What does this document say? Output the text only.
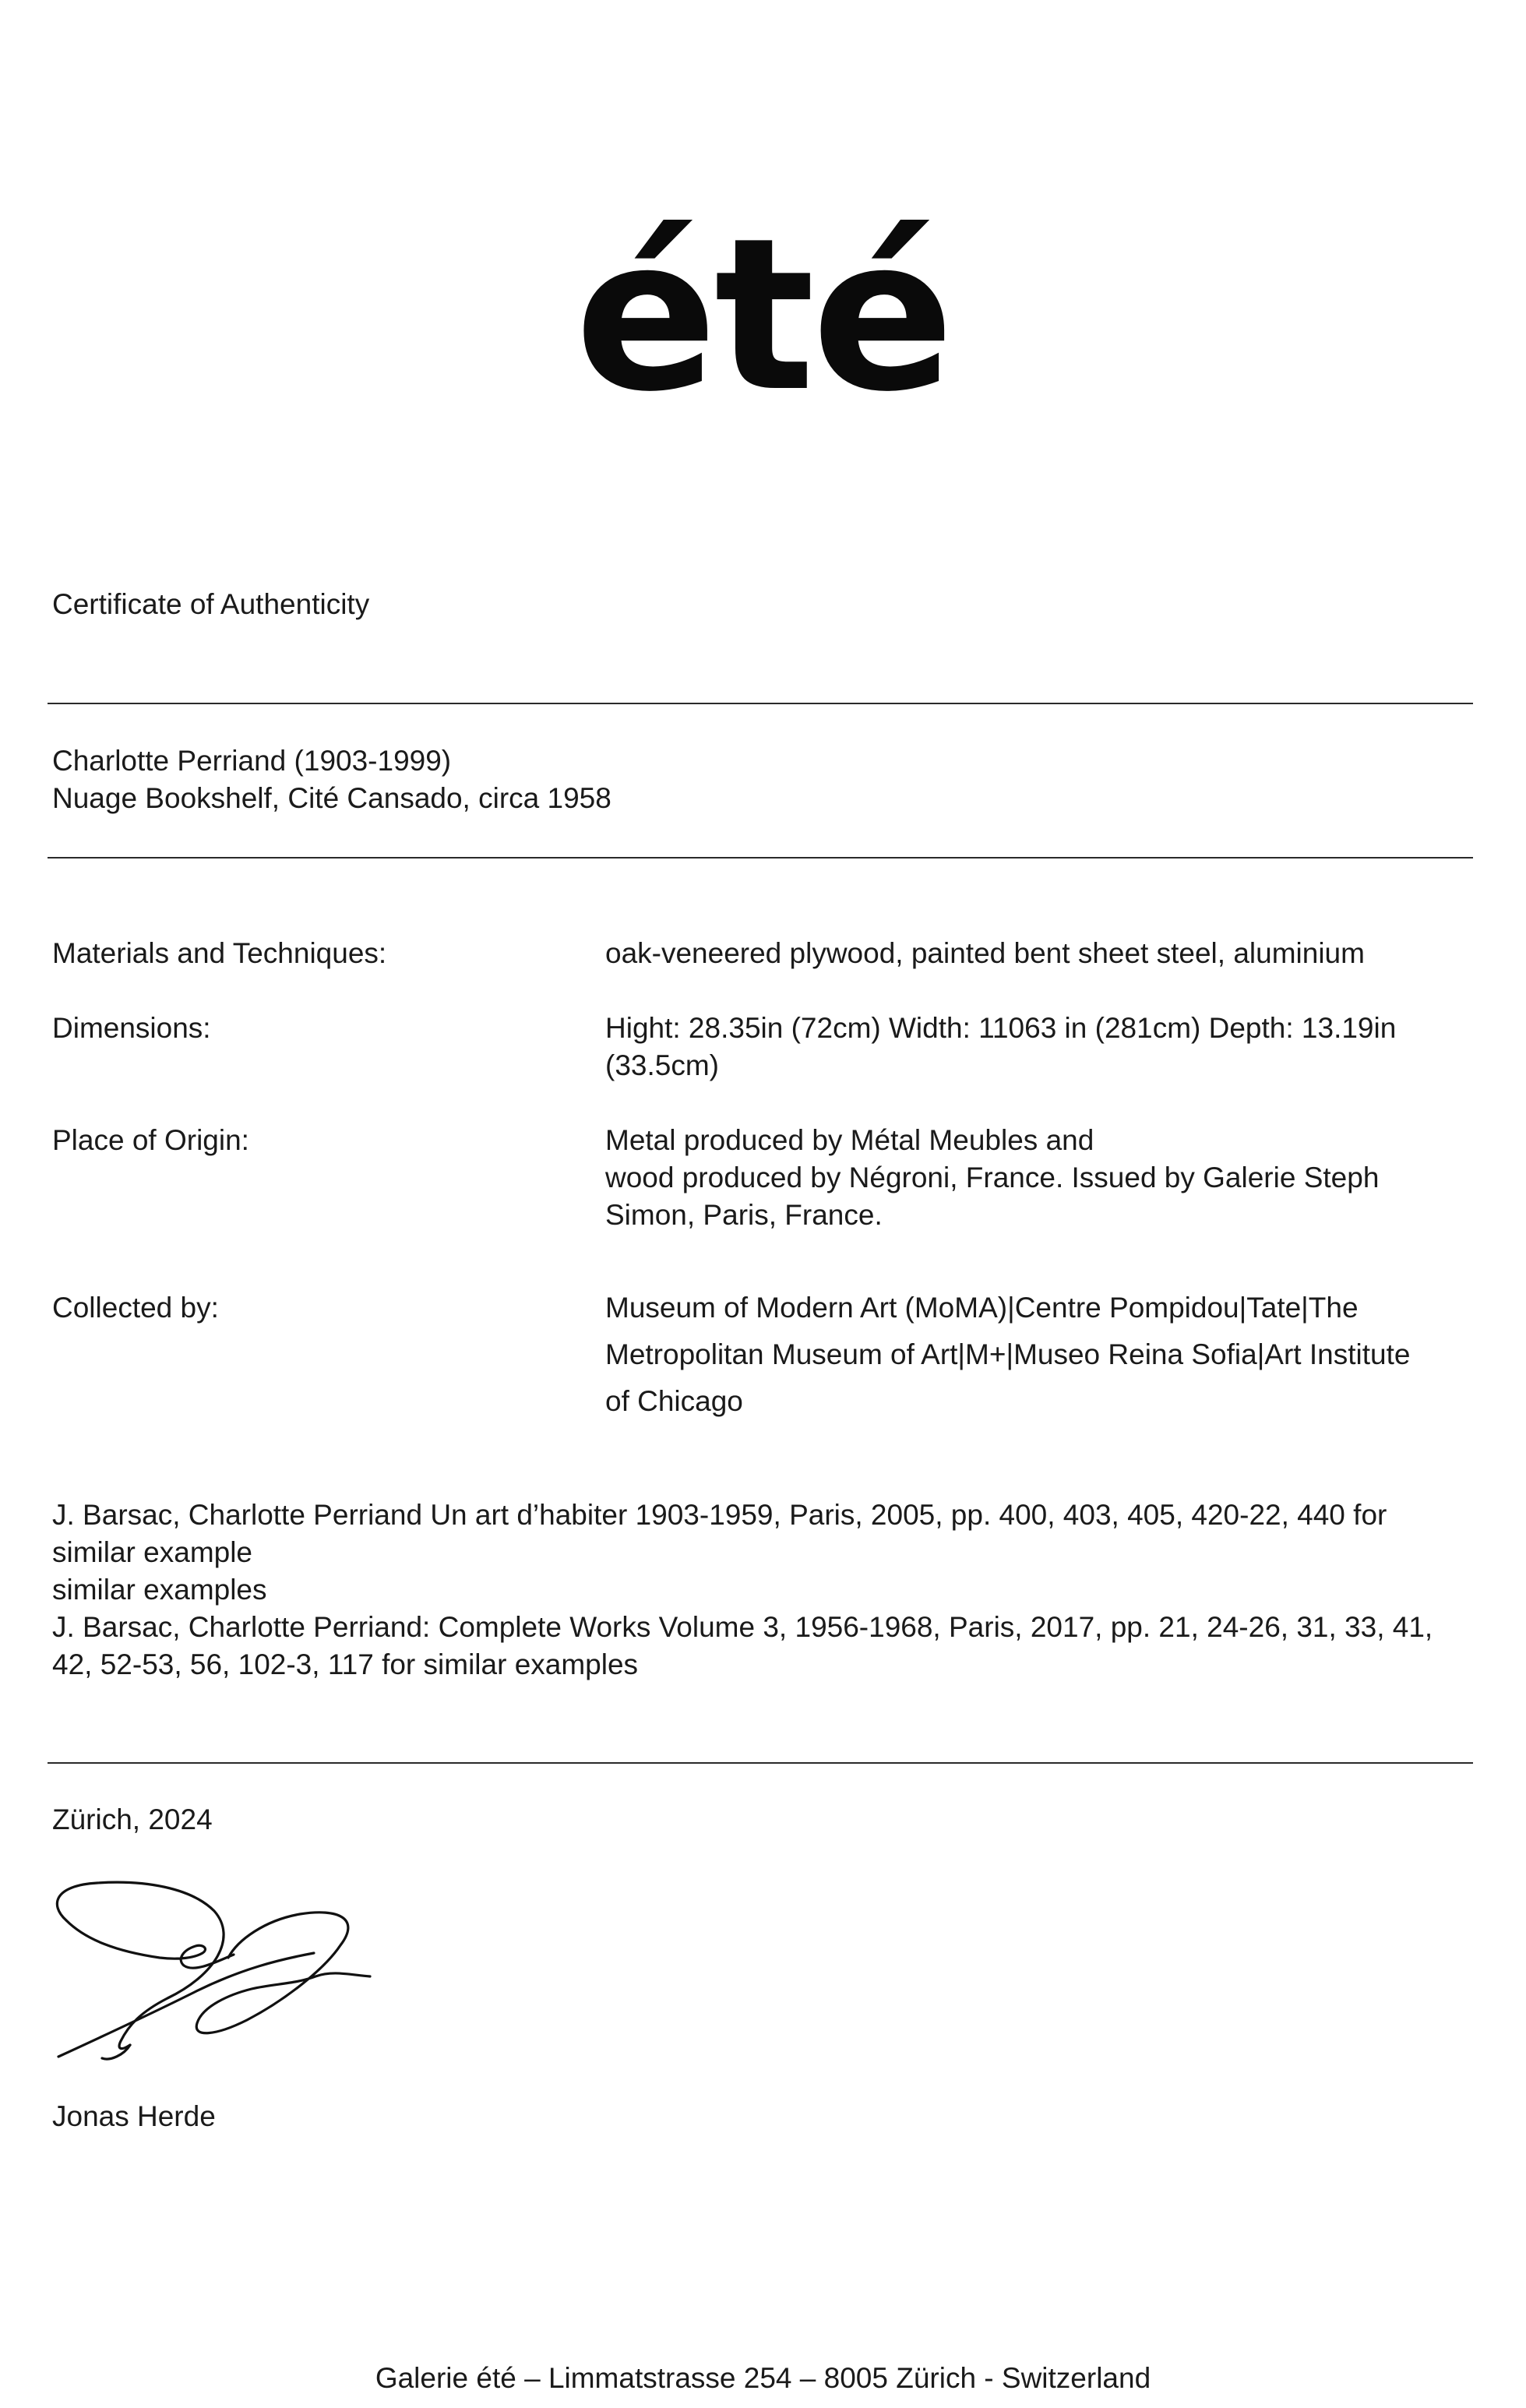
été
Certificate of Authenticity
Charlotte Perriand (1903-1999)
Nuage Bookshelf, Cité Cansado, circa 1958
Materials and Techniques:	oak-veneered plywood, painted bent sheet steel, aluminium
Dimensions:	Hight: 28.35in (72cm) Width: 11063 in (281cm) Depth: 13.19in
(33.5cm)
Place of Origin:	Metal produced by Métal Meubles and
wood produced by Négroni, France. Issued by Galerie Steph
Simon, Paris, France.
Collected by:	Museum of Modern Art (MoMA)|Centre Pompidou|Tate|The
Metropolitan Museum of Art|M+|Museo Reina Sofia|Art Institute
of Chicago
J. Barsac, Charlotte Perriand Un art d’habiter 1903-1959, Paris, 2005, pp. 400, 403, 405, 420-22, 440 for
similar example
similar examples
J. Barsac, Charlotte Perriand: Complete Works Volume 3, 1956-1968, Paris, 2017, pp. 21, 24-26, 31, 33, 41,
42, 52-53, 56, 102-3, 117 for similar examples
Zürich, 2024
Jonas Herde
Galerie été – Limmatstrasse 254 – 8005 Zürich - Switzerland
